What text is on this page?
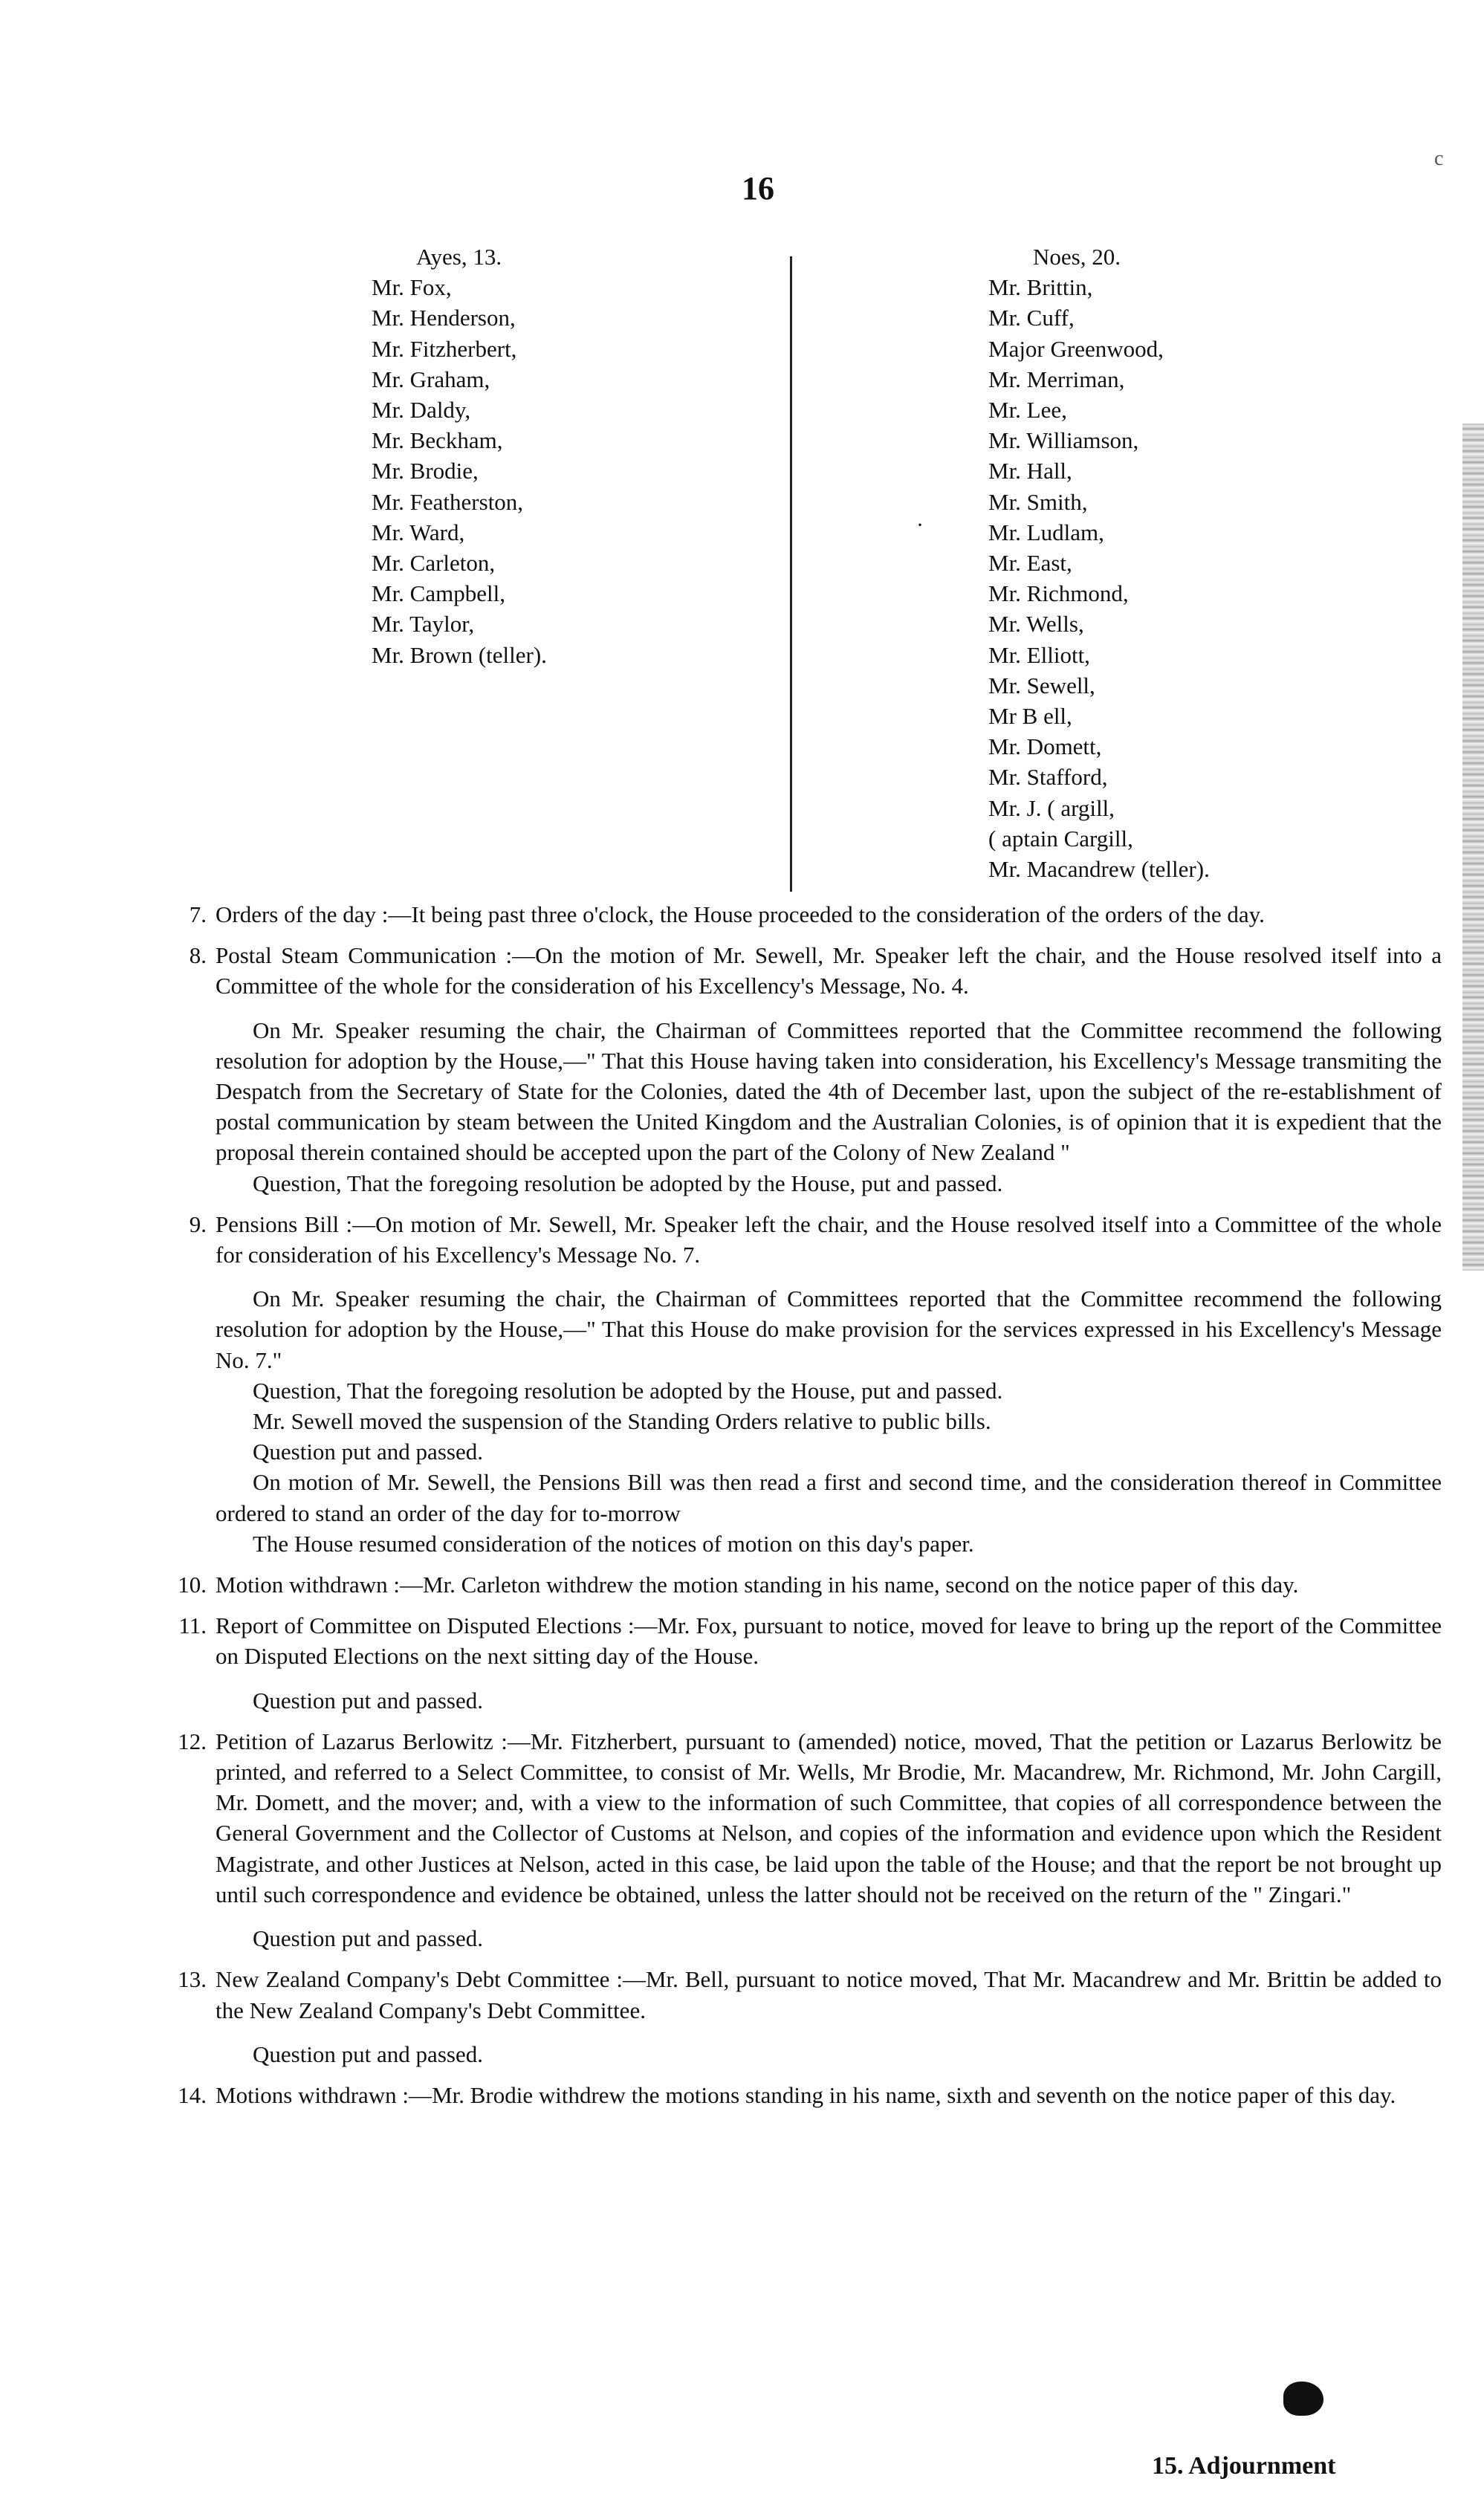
16
c
Ayes, 13.
Mr. Fox,
Mr. Henderson,
Mr. Fitzherbert,
Mr. Graham,
Mr. Daldy,
Mr. Beckham,
Mr. Brodie,
Mr. Featherston,
Mr. Ward,
Mr. Carleton,
Mr. Campbell,
Mr. Taylor,
Mr. Brown (teller).
·
Noes, 20.
Mr. Brittin,
Mr. Cuff,
Major Greenwood,
Mr. Merriman,
Mr. Lee,
Mr. Williamson,
Mr. Hall,
Mr. Smith,
Mr. Ludlam,
Mr. East,
Mr. Richmond,
Mr. Wells,
Mr. Elliott,
Mr. Sewell,
Mr B ell,
Mr. Domett,
Mr. Stafford,
Mr. J. ( argill,
( aptain Cargill,
Mr. Macandrew (teller).
7. Orders of the day :—It being past three o'clock, the House proceeded to the consideration of the orders of the day.
8. Postal Steam Communication :—On the motion of Mr. Sewell, Mr. Speaker left the chair, and the House resolved itself into a Committee of the whole for the consideration of his Excellency's Message, No. 4.
On Mr. Speaker resuming the chair, the Chairman of Committees reported that the Committee recommend the following resolution for adoption by the House,—" That this House having taken into consideration, his Excellency's Message transmiting the Despatch from the Secretary of State for the Colonies, dated the 4th of December last, upon the subject of the re-establishment of postal communication by steam between the United Kingdom and the Australian Colonies, is of opinion that it is expedient that the proposal therein contained should be accepted upon the part of the Colony of New Zealand "
Question, That the foregoing resolution be adopted by the House, put and passed.
9. Pensions Bill :—On motion of Mr. Sewell, Mr. Speaker left the chair, and the House resolved itself into a Committee of the whole for consideration of his Excellency's Message No. 7.
On Mr. Speaker resuming the chair, the Chairman of Committees reported that the Committee recommend the following resolution for adoption by the House,—" That this House do make provision for the services expressed in his Excellency's Message No. 7."
Question, That the foregoing resolution be adopted by the House, put and passed.
Mr. Sewell moved the suspension of the Standing Orders relative to public bills.
Question put and passed.
On motion of Mr. Sewell, the Pensions Bill was then read a first and second time, and the consideration thereof in Committee ordered to stand an order of the day for to-morrow
The House resumed consideration of the notices of motion on this day's paper.
10. Motion withdrawn :—Mr. Carleton withdrew the motion standing in his name, second on the notice paper of this day.
11. Report of Committee on Disputed Elections :—Mr. Fox, pursuant to notice, moved for leave to bring up the report of the Committee on Disputed Elections on the next sitting day of the House.
Question put and passed.
12. Petition of Lazarus Berlowitz :—Mr. Fitzherbert, pursuant to (amended) notice, moved, That the petition or Lazarus Berlowitz be printed, and referred to a Select Committee, to consist of Mr. Wells, Mr Brodie, Mr. Macandrew, Mr. Richmond, Mr. John Cargill, Mr. Domett, and the mover; and, with a view to the information of such Committee, that copies of all correspondence between the General Government and the Collector of Customs at Nelson, and copies of the information and evidence upon which the Resident Magistrate, and other Justices at Nelson, acted in this case, be laid upon the table of the House; and that the report be not brought up until such correspondence and evidence be obtained, unless the latter should not be received on the return of the " Zingari."
Question put and passed.
13. New Zealand Company's Debt Committee :—Mr. Bell, pursuant to notice moved, That Mr. Macandrew and Mr. Brittin be added to the New Zealand Company's Debt Committee.
Question put and passed.
14. Motions withdrawn :—Mr. Brodie withdrew the motions standing in his name, sixth and seventh on the notice paper of this day.
15. Adjournment
